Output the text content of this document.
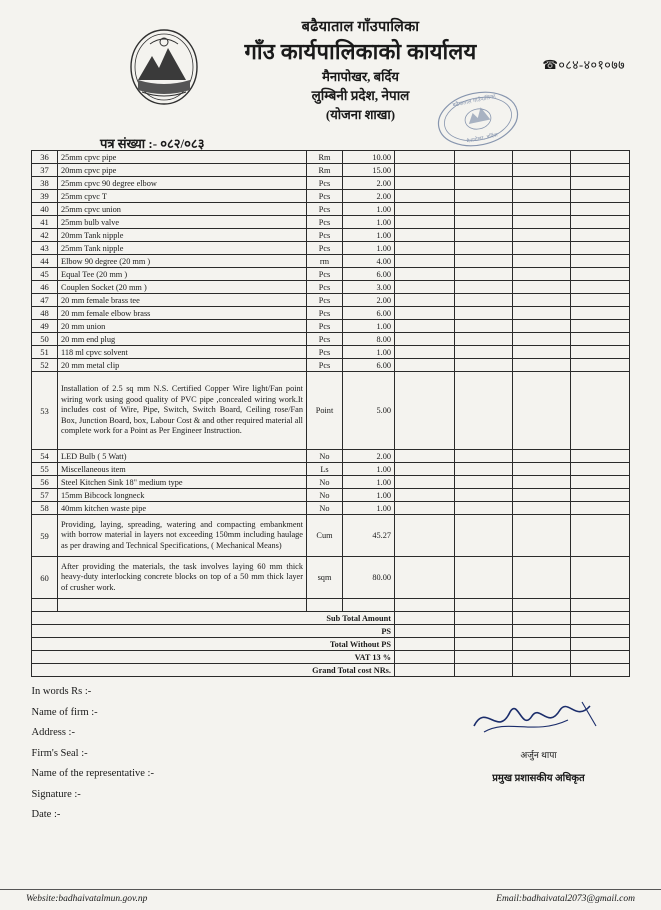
बढैयाताल गाँउपालिका
गाँउ कार्यपालिकाको कार्यालय
मैनापोखर, बर्दिय
लुम्बिनी प्रदेश, नेपाल
(योजना शाखा)
☎०८४-४०१०७७
बढैयाताल गाउँपालिका
मैनापोखर, बर्दिया
पत्र संख्या :- ०८२/०८३
36	25mm cpvc pipe	Rm	10.00				
37	20mm cpvc pipe	Rm	15.00				
38	25mm cpvc 90 degree elbow	Pcs	2.00				
39	25mm cpvc T	Pcs	2.00				
40	25mm cpvc union	Pcs	1.00				
41	25mm bulb valve	Pcs	1.00				
42	20mm Tank nipple	Pcs	1.00				
43	25mm Tank nipple	Pcs	1.00				
44	Elbow 90 degree (20 mm )	rm	4.00				
45	Equal Tee (20 mm )	Pcs	6.00				
46	Couplen Socket (20 mm )	Pcs	3.00				
47	20 mm female brass tee	Pcs	2.00				
48	20 mm female elbow brass	Pcs	6.00				
49	20 mm union	Pcs	1.00				
50	20 mm end plug	Pcs	8.00				
51	118 ml cpvc solvent	Pcs	1.00				
52	20 mm metal clip	Pcs	6.00				
53	Installation of 2.5 sq mm N.S. Certified Copper Wire light/Fan point wiring work using good quality of PVC pipe ,concealed wiring work.It includes cost of Wire, Pipe, Switch, Switch Board, Ceiling rose/Fan Box, Junction Board, box, Labour Cost & and other required material all complete work for a Point as Per Engineer Instruction.	Point	5.00				
54	LED Bulb ( 5 Watt)	No	2.00				
55	Miscellaneous item	Ls	1.00				
56	Steel Kitchen Sink 18" medium type	No	1.00				
57	15mm Bibcock longneck	No	1.00				
58	40mm kitchen waste pipe	No	1.00				
59	Providing, laying, spreading, watering and compacting embankment with borrow material in layers not exceeding 150mm including haulage as per drawing and Technical Specifications, ( Mechanical Means)	Cum	45.27				
60	After providing the materials, the task involves laying 60 mm thick heavy-duty interlocking concrete blocks on top of a 50 mm thick layer of crusher work.	sqm	80.00				

Sub Total Amount							
PS							
Total Without PS							
VAT 13 %							
Grand Total cost NRs.							
In words Rs :-
Name of firm :-
Address :-
Firm's Seal :-
Name of the representative :-
Signature :-
Date :-
अर्जुन थापा
प्रमुख प्रशासकीय अधिकृत
Website:badhaivatalmun.gov.np	Email:badhaivatal2073@gmail.com
